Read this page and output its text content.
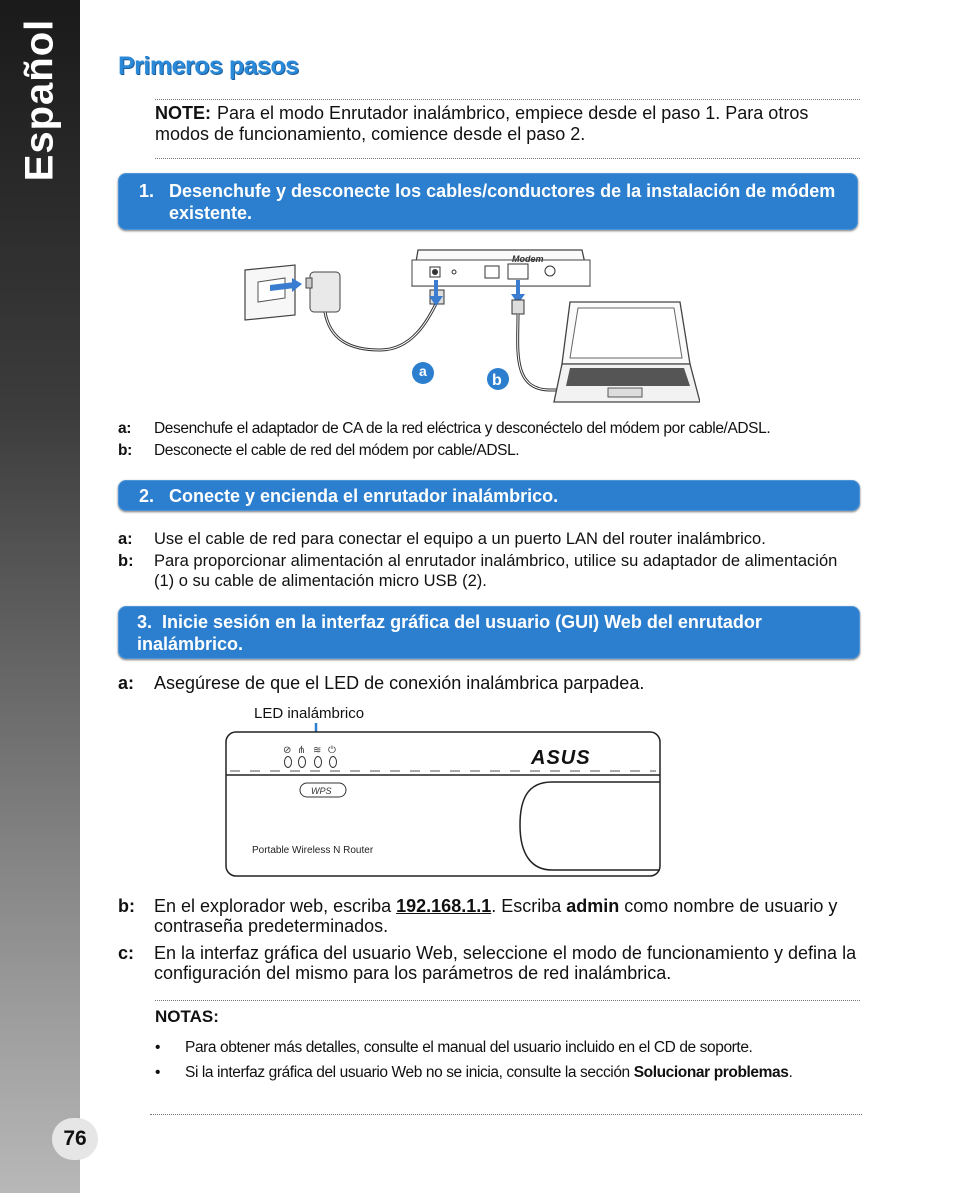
Español
76
Primeros pasos
NOTE: Para el modo Enrutador inalámbrico, empiece desde el paso 1. Para otros modos de funcionamiento, comience desde el paso 2.
1. Desenchufe y desconecte los cables/conductores de la instalación de módem existente.
Modem
a
b
a: Desenchufe el adaptador de CA de la red eléctrica y desconéctelo del módem por cable/ADSL.
b: Desconecte el cable de red del módem por cable/ADSL.
2. Conecte y encienda el enrutador inalámbrico.
a: Use el cable de red para conectar el equipo a un puerto LAN del router inalámbrico.
b: Para proporcionar alimentación al enrutador inalámbrico, utilice su adaptador de alimentación (1) o su cable de alimentación micro USB (2).
3. Inicie sesión en la interfaz gráfica del usuario (GUI) Web del enrutador inalámbrico.
a: Asegúrese de que el LED de conexión inalámbrica parpadea.
LED inalámbrico
⊘ ⋔ ≋ ⏻	ASUS
WPS
Portable Wireless N Router
b: En el explorador web, escriba 192.168.1.1. Escriba admin como nombre de usuario y contraseña predeterminados.
c: En la interfaz gráfica del usuario Web, seleccione el modo de funcionamiento y defina la configuración del mismo para los parámetros de red inalámbrica.
NOTAS:
• Para obtener más detalles, consulte el manual del usuario incluido en el CD de soporte.
• Si la interfaz gráfica del usuario Web no se inicia, consulte la sección Solucionar problemas.
